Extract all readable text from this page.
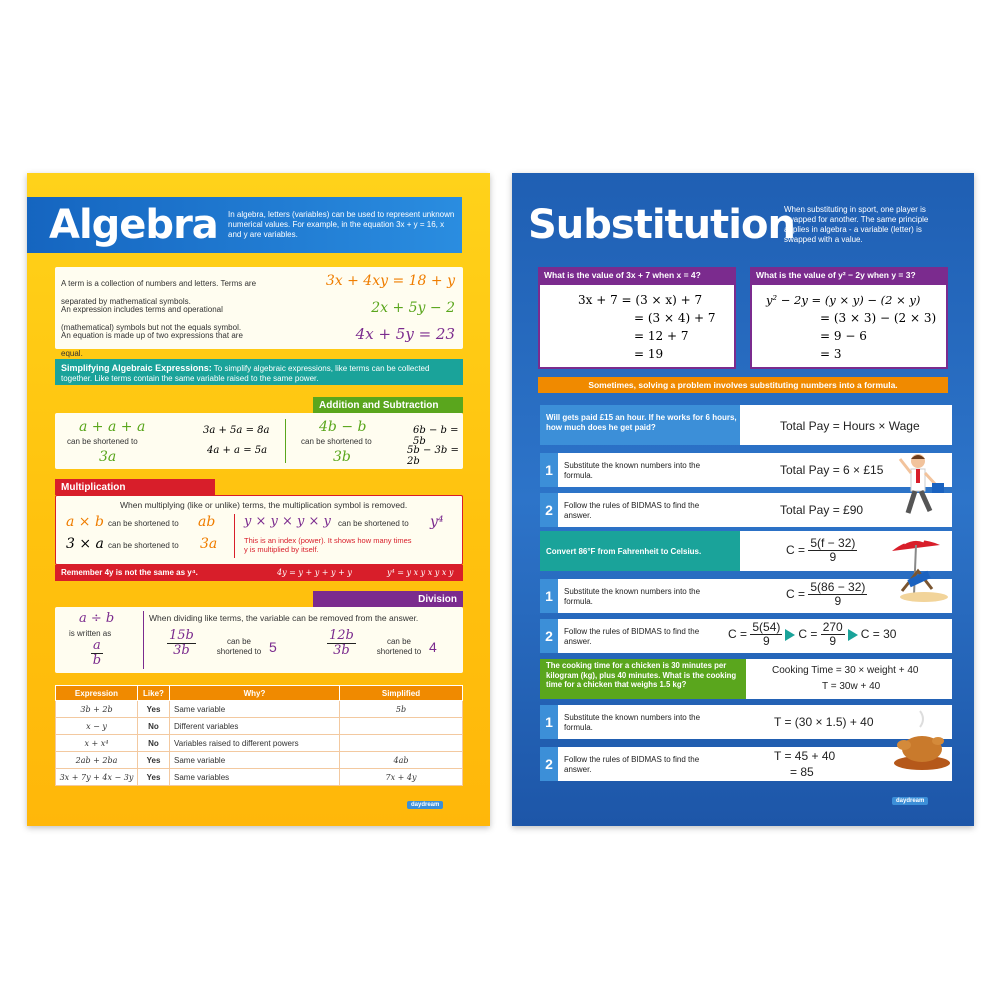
Algebra In algebra, letters (variables) can be used to represent unknown numerical values. For example, in the equation 3x + y = 16, x and y are variables.
A term is a collection of numbers and letters. Terms are separated by mathematical symbols.
3x + 4xy = 18 + y
An expression includes terms and operational (mathematical) symbols but not the equals symbol.
2x + 5y − 2
An equation is made up of two expressions that are equal.
4x + 5y = 23
Simplifying Algebraic Expressions: To simplify algebraic expressions, like terms can be collected together. Like terms contain the same variable raised to the same power.
Addition and Subtraction
a + a + a
can be shortened to
3a
3a + 5a = 8a
4a + a = 5a
4b − b
can be shortened to
3b
6b − b = 5b
5b − 3b = 2b
Multiplication
When multiplying (like or unlike) terms, the multiplication symbol is removed.
a × b can be shortened to ab
3 × a can be shortened to 3a
y × y × y × y can be shortened to y⁴
This is an index (power). It shows how many times y is multiplied by itself.
Remember 4y is not the same as y⁴.	4y = y + y + y + y	y⁴ = y x y x y x y
Division
a ÷ b
is written as
$\frac{a}{b}$
When dividing like terms, the variable can be removed from the answer.
$\frac{15b}{3b}$	can be shortened to 5	$\frac{12b}{3b}$	can be shortened to 4
Expression	Like?	Why?	Simplified
3b + 2b	Yes	Same variable	5b
x − y	No	Different variables	
x + x⁴	No	Variables raised to different powers	
2ab + 2ba	Yes	Same variable	4ab
3x + 7y + 4x − 3y	Yes	Same variables	7x + 4y
daydream
Substitution
When substituting in sport, one player is swapped for another. The same principle applies in algebra - a variable (letter) is swapped with a value.
What is the value of 3x + 7 when x = 4?
3x + 7 = (3 × x) + 7
= (3 × 4) + 7
= 12 + 7
= 19
What is the value of y² − 2y when y = 3?
y² − 2y = (y × y) − (2 × y)
= (3 × 3) − (2 × 3)
= 9 − 6
= 3
Sometimes, solving a problem involves substituting numbers into a formula.
Will gets paid £15 an hour. If he works for 6 hours, how much does he get paid?	Total Pay = Hours × Wage
1	Substitute the known numbers into the formula.	Total Pay = 6 × £15
2	Follow the rules of BIDMAS to find the answer.	Total Pay = £90
Convert 86°F from Fahrenheit to Celsius.	$C = \frac{5(f - 32)}{9}$
1	Substitute the known numbers into the formula.
$C = \frac{5(86 - 32)}{9}$
2	Follow the rules of BIDMAS to find the answer.
$C = \frac{5(54)}{9}$ $C = \frac{270}{9}$ C = 30
The cooking time for a chicken is 30 minutes per kilogram (kg), plus 40 minutes. What is the cooking time for a chicken that weighs 1.5 kg?
Cooking Time = 30 × weight + 40
T = 30w + 40
1	Substitute the known numbers into the formula.	T = (30 × 1.5) + 40
2	Follow the rules of BIDMAS to find the answer.
T = 45 + 40
= 85
daydream
